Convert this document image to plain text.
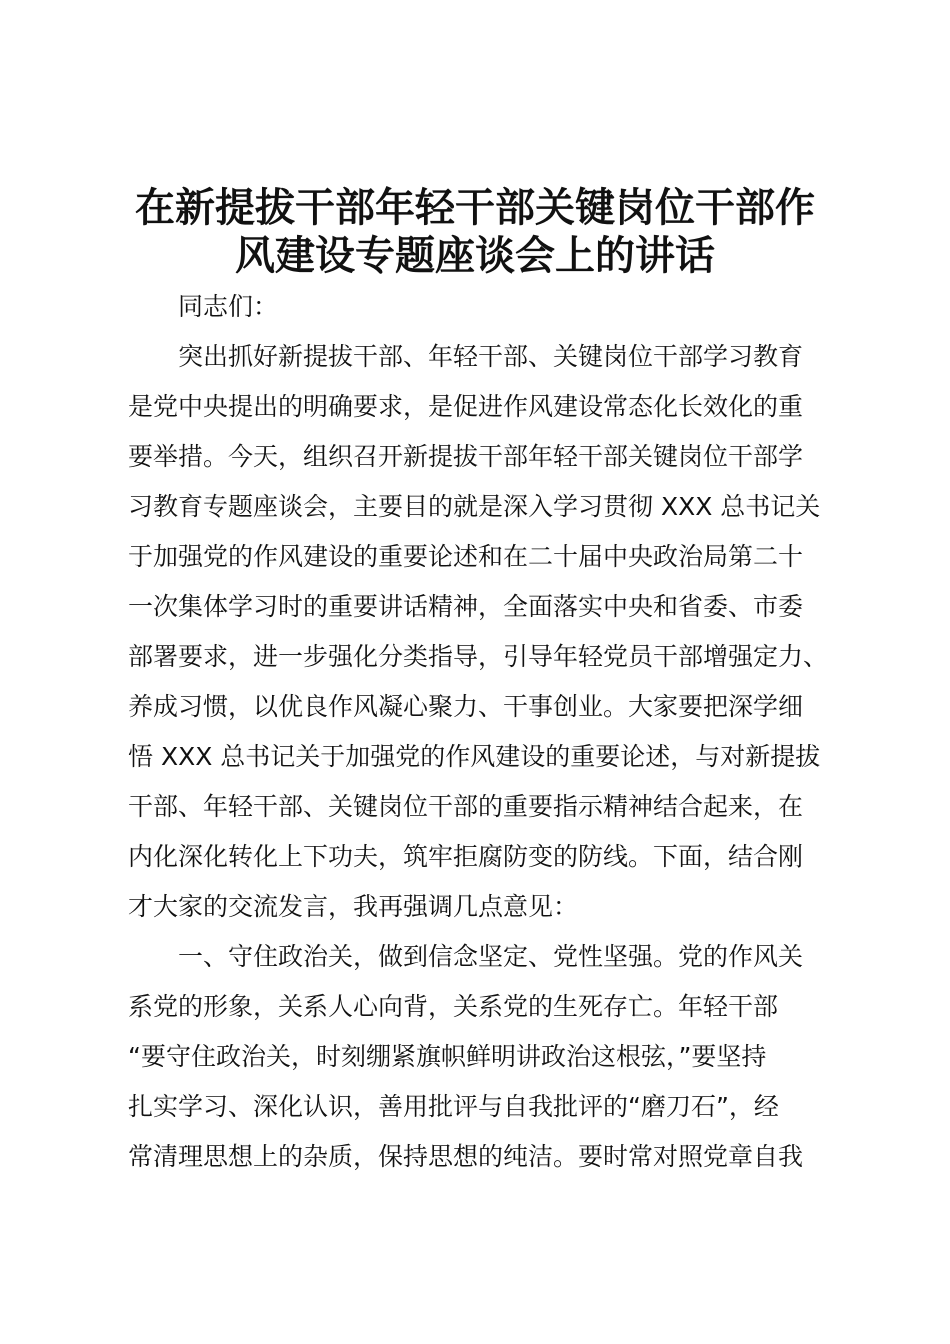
在新提拔干部年轻干部关键岗位干部作
风建设专题座谈会上的讲话
同志们：
突出抓好新提拔干部、年轻干部、关键岗位干部学习教育
是党中央提出的明确要求，是促进作风建设常态化长效化的重
要举措。今天，组织召开新提拔干部年轻干部关键岗位干部学
习教育专题座谈会，主要目的就是深入学习贯彻 XXX 总书记关
于加强党的作风建设的重要论述和在二十届中央政治局第二十
一次集体学习时的重要讲话精神，全面落实中央和省委、市委
部署要求，进一步强化分类指导，引导年轻党员干部增强定力、
养成习惯，以优良作风凝心聚力、干事创业。大家要把深学细
悟 XXX 总书记关于加强党的作风建设的重要论述，与对新提拔
干部、年轻干部、关键岗位干部的重要指示精神结合起来，在
内化深化转化上下功夫，筑牢拒腐防变的防线。下面，结合刚
才大家的交流发言，我再强调几点意见：
一、守住政治关，做到信念坚定、党性坚强。党的作风关
系党的形象，关系人心向背，关系党的生死存亡。年轻干部
“要守住政治关，时刻绷紧旗帜鲜明讲政治这根弦，”要坚持
扎实学习、深化认识，善用批评与自我批评的“磨刀石”，经
常清理思想上的杂质，保持思想的纯洁。要时常对照党章自我
